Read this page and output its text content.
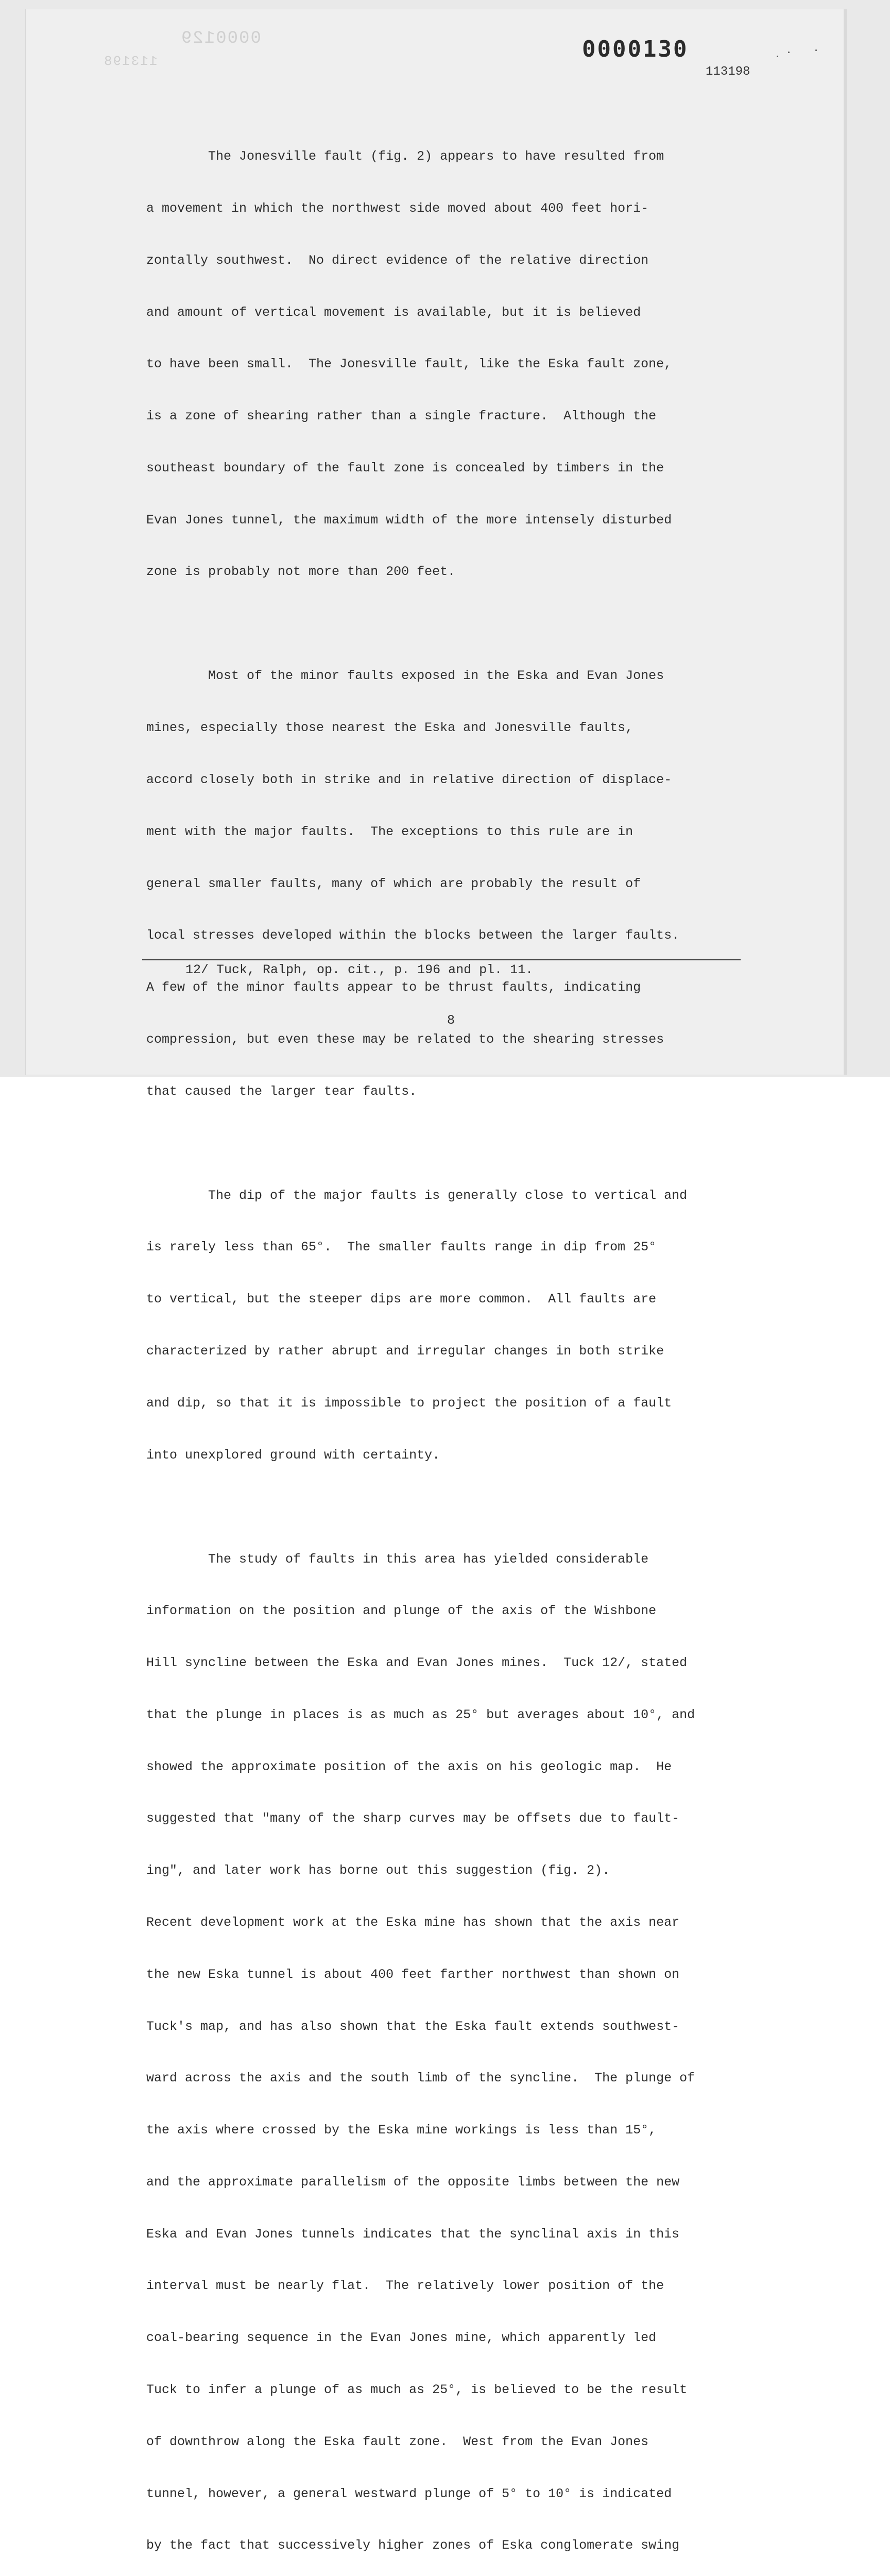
0000129
113198	0000130
113198

The Jonesville fault (fig. 2) appears to have resulted from

a movement in which the northwest side moved about 400 feet hori-

zontally southwest.  No direct evidence of the relative direction

and amount of vertical movement is available, but it is believed

to have been small.  The Jonesville fault, like the Eska fault zone,

is a zone of shearing rather than a single fracture.  Although the

southeast boundary of the fault zone is concealed by timbers in the

Evan Jones tunnel, the maximum width of the more intensely disturbed

zone is probably not more than 200 feet.

Most of the minor faults exposed in the Eska and Evan Jones

mines, especially those nearest the Eska and Jonesville faults,

accord closely both in strike and in relative direction of displace-

ment with the major faults.  The exceptions to this rule are in

general smaller faults, many of which are probably the result of

local stresses developed within the blocks between the larger faults.

A few of the minor faults appear to be thrust faults, indicating

compression, but even these may be related to the shearing stresses

that caused the larger tear faults.

The dip of the major faults is generally close to vertical and

is rarely less than 65°.  The smaller faults range in dip from 25°

to vertical, but the steeper dips are more common.  All faults are

characterized by rather abrupt and irregular changes in both strike

and dip, so that it is impossible to project the position of a fault

into unexplored ground with certainty.

The study of faults in this area has yielded considerable

information on the position and plunge of the axis of the Wishbone

Hill syncline between the Eska and Evan Jones mines.  Tuck 12/, stated

that the plunge in places is as much as 25° but averages about 10°, and

showed the approximate position of the axis on his geologic map.  He

suggested that "many of the sharp curves may be offsets due to fault-

ing", and later work has borne out this suggestion (fig. 2).

Recent development work at the Eska mine has shown that the axis near

the new Eska tunnel is about 400 feet farther northwest than shown on

Tuck's map, and has also shown that the Eska fault extends southwest-

ward across the axis and the south limb of the syncline.  The plunge of

the axis where crossed by the Eska mine workings is less than 15°,

and the approximate parallelism of the opposite limbs between the new

Eska and Evan Jones tunnels indicates that the synclinal axis in this

interval must be nearly flat.  The relatively lower position of the

coal-bearing sequence in the Evan Jones mine, which apparently led

Tuck to infer a plunge of as much as 25°, is believed to be the result

of downthrow along the Eska fault zone.  West from the Evan Jones

tunnel, however, a general westward plunge of 5° to 10° is indicated

by the fact that successively higher zones of Eska conglomerate swing

12/ Tuck, Ralph, op. cit., p. 196 and pl. 11.
8
